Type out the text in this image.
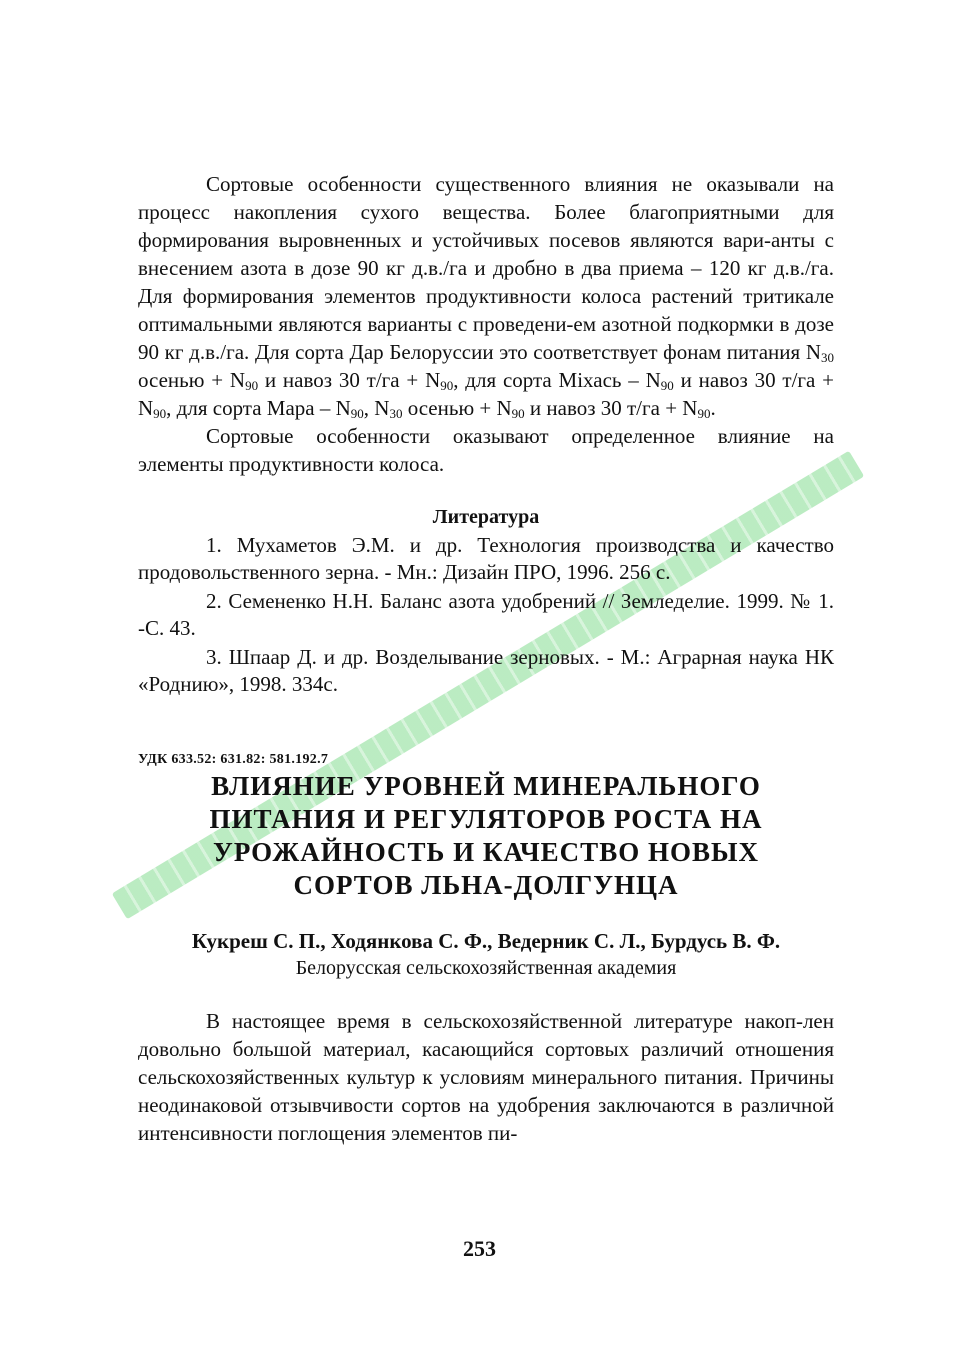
Сортовые особенности существенного влияния не оказывали на процесс накопления сухого вещества. Более благоприятными для формирования выровненных и устойчивых посевов являются вари-анты с внесением азота в дозе 90 кг д.в./га и дробно в два приема – 120 кг д.в./га. Для формирования элементов продуктивности колоса растений тритикале оптимальными являются варианты с проведени-ем азотной подкормки в дозе 90 кг д.в./га. Для сорта Дар Белоруссии это соответствует фонам питания $N_{30}$ осенью + $N_{90}$ и навоз 30 $т/га + N_{90}$, для сорта Міхась – $N_{90}$ и навоз 30 $т/га + N_{90}$, для сорта Мара – $N_{90}$, $N_{30}$ осенью + $N_{90}$ и навоз 30 $т/га + N_{90}$.

Сортовые особенности оказывают определенное влияние на элементы продуктивности колоса.

Литература

1. Мухаметов Э.М. и др. Технология производства и качество продовольственного зерна. - Мн.: Дизайн ПРО, 1996. 256 с.

2. Семененко Н.Н. Баланс азота удобрений // Земледелие. 1999. № 1. -С. 43.

3. Шпаар Д. и др. Возделывание зерновых. - М.: Аграрная наука НК «Роднию», 1998. 334с.

УДК 633.52: 631.82: 581.192.7
ВЛИЯНИЕ УРОВНЕЙ МИНЕРАЛЬНОГО
ПИТАНИЯ И РЕГУЛЯТОРОВ РОСТА НА
УРОЖАЙНОСТЬ И КАЧЕСТВО НОВЫХ
СОРТОВ ЛЬНА-ДОЛГУНЦА
Кукреш С. П., Ходянкова С. Ф., Ведерник С. Л., Бурдусь В. Ф.
Белорусская сельскохозяйственная академия

В настоящее время в сельскохозяйственной литературе накоп-лен довольно большой материал, касающийся сортовых различий отношения сельскохозяйственных культур к условиям минерального питания. Причины неодинаковой отзывчивости сортов на удобрения заключаются в различной интенсивности поглощения элементов пи-

253
